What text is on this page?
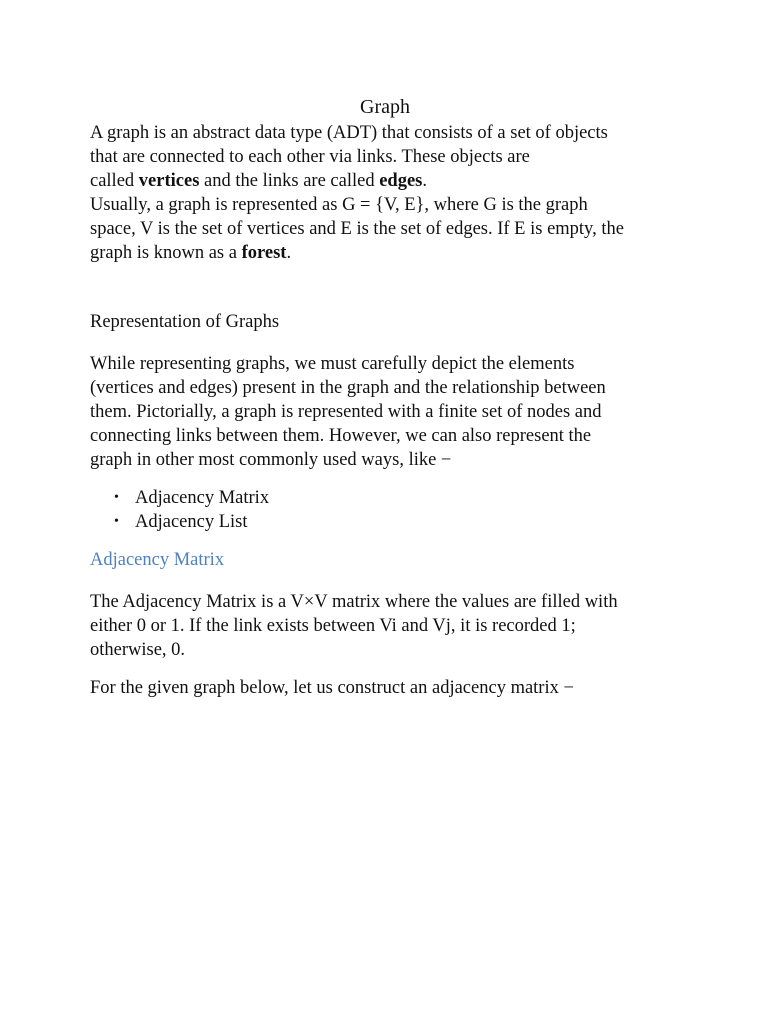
Graph

A graph is an abstract data type (ADT) that consists of a set of objects
that are connected to each other via links. These objects are
called vertices and the links are called edges.
Usually, a graph is represented as G = {V, E}, where G is the graph
space, V is the set of vertices and E is the set of edges. If E is empty, the
graph is known as a forest.

Representation of Graphs

While representing graphs, we must carefully depict the elements
(vertices and edges) present in the graph and the relationship between
them. Pictorially, a graph is represented with a finite set of nodes and
connecting links between them. However, we can also represent the
graph in other most commonly used ways, like −

• Adjacency Matrix
• Adjacency List
Adjacency Matrix

The Adjacency Matrix is a V×V matrix where the values are filled with
either 0 or 1. If the link exists between Vi and Vj, it is recorded 1;
otherwise, 0.

For the given graph below, let us construct an adjacency matrix −
